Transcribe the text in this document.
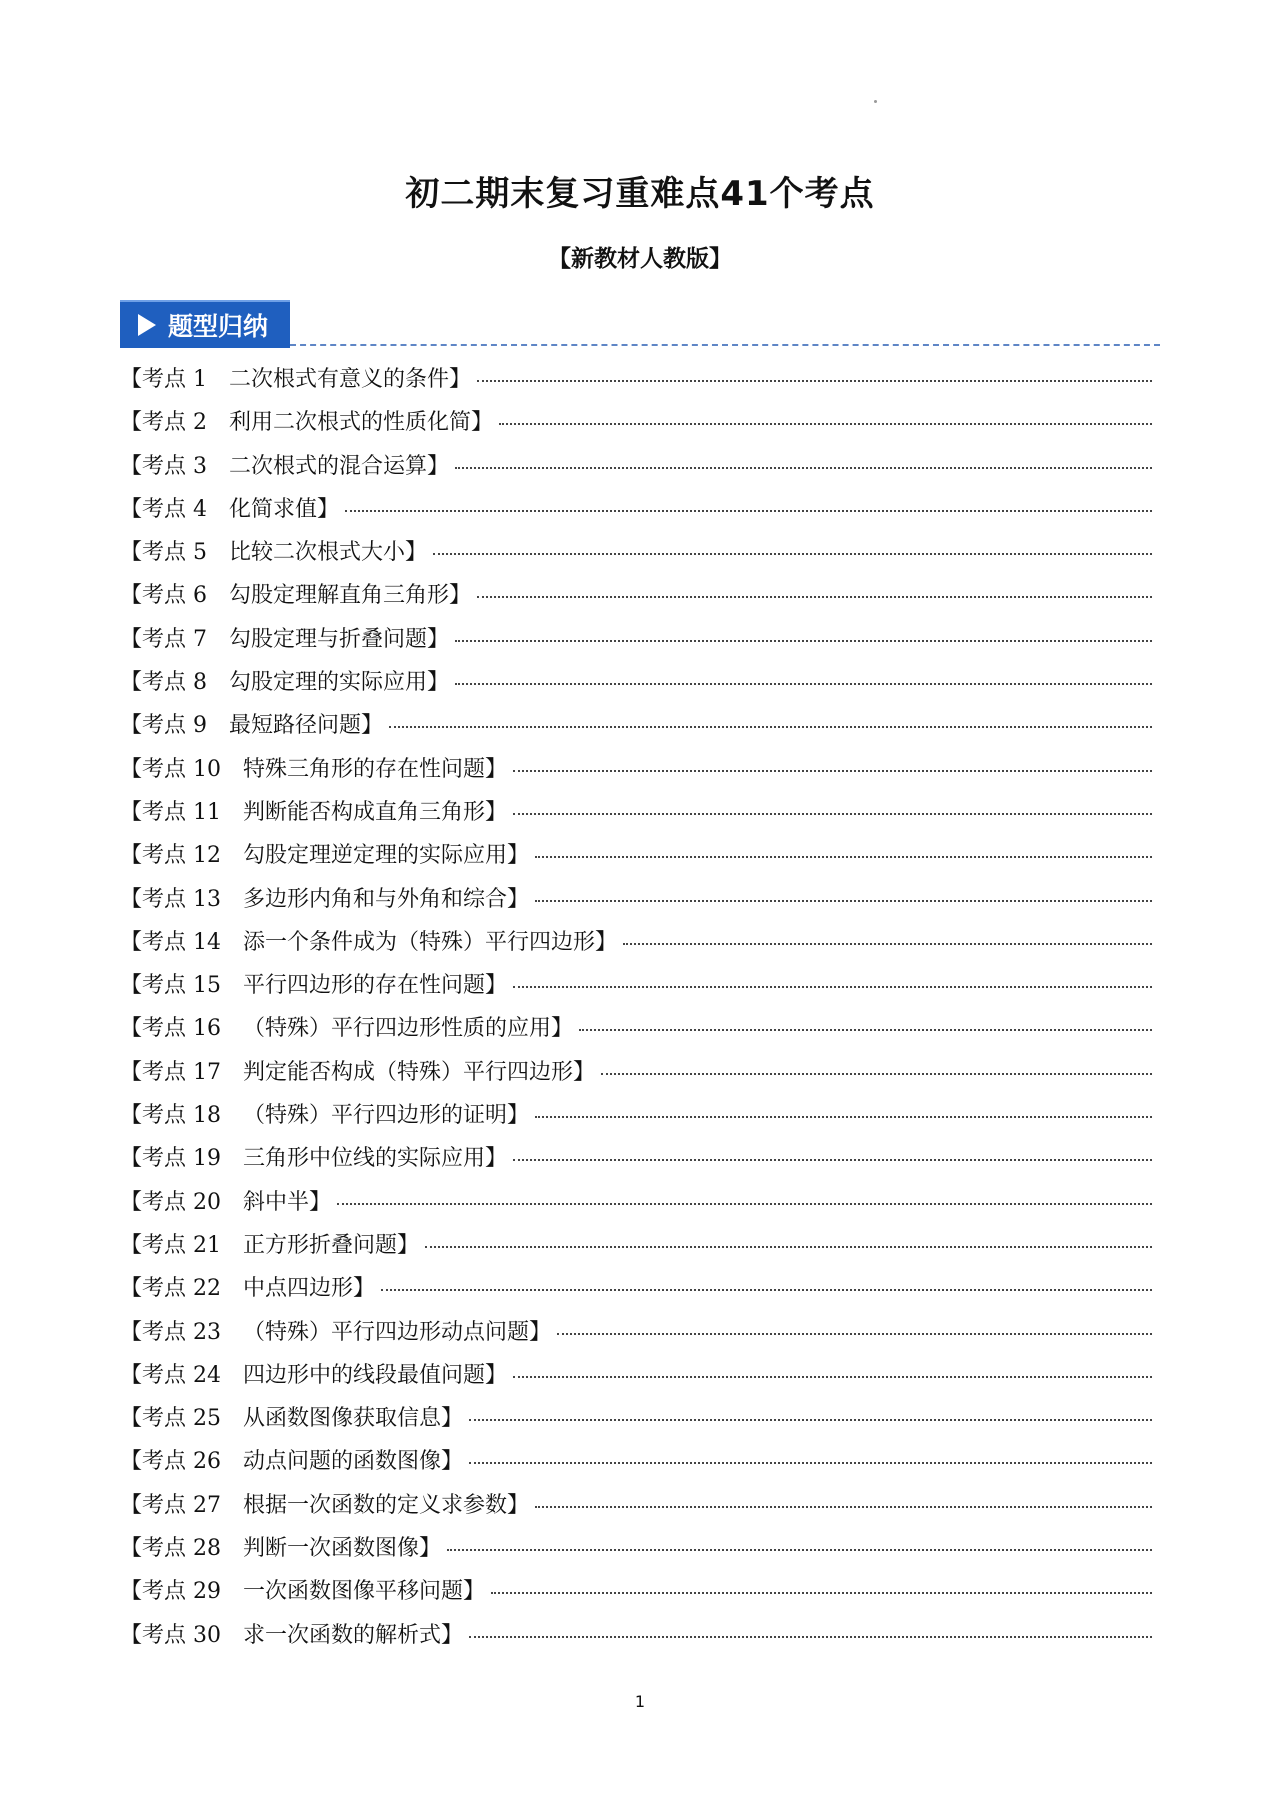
初二期末复习重难点41个考点
【新教材人教版】
题型归纳
【考点 1 二次根式有意义的条件】
【考点 2 利用二次根式的性质化简】
【考点 3 二次根式的混合运算】
【考点 4 化简求值】
【考点 5 比较二次根式大小】
【考点 6 勾股定理解直角三角形】
【考点 7 勾股定理与折叠问题】
【考点 8 勾股定理的实际应用】
【考点 9 最短路径问题】
【考点 10 特殊三角形的存在性问题】
【考点 11 判断能否构成直角三角形】
【考点 12 勾股定理逆定理的实际应用】
【考点 13 多边形内角和与外角和综合】
【考点 14 添一个条件成为（特殊）平行四边形】
【考点 15 平行四边形的存在性问题】
【考点 16 （特殊）平行四边形性质的应用】
【考点 17 判定能否构成（特殊）平行四边形】
【考点 18 （特殊）平行四边形的证明】
【考点 19 三角形中位线的实际应用】
【考点 20 斜中半】
【考点 21 正方形折叠问题】
【考点 22 中点四边形】
【考点 23 （特殊）平行四边形动点问题】
【考点 24 四边形中的线段最值问题】
【考点 25 从函数图像获取信息】
【考点 26 动点问题的函数图像】
【考点 27 根据一次函数的定义求参数】
【考点 28 判断一次函数图像】
【考点 29 一次函数图像平移问题】
【考点 30 求一次函数的解析式】
1
